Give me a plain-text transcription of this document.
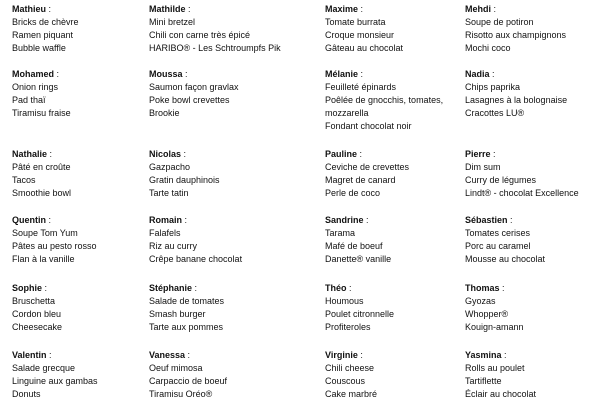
Mathieu :
Bricks de chèvre
Ramen piquant
Bubble waffle
Mathilde :
Mini bretzel
Chili con carne très épicé
HARIBO® - Les Schtroumpfs Pik
Maxime :
Tomate burrata
Croque monsieur
Gâteau au chocolat
Mehdi :
Soupe de potiron
Risotto aux champignons
Mochi coco
Mohamed :
Onion rings
Pad thaï
Tiramisu fraise
Moussa :
Saumon façon gravlax
Poke bowl crevettes
Brookie
Mélanie :
Feuilleté épinards
Poêlée de gnocchis, tomates,
mozzarella
Fondant chocolat noir
Nadia :
Chips paprika
Lasagnes à la bolognaise
Cracottes LU®
Nathalie :
Pâté en croûte
Tacos
Smoothie bowl
Nicolas :
Gazpacho
Gratin dauphinois
Tarte tatin
Pauline :
Ceviche de crevettes
Magret de canard
Perle de coco
Pierre :
Dim sum
Curry de légumes
Lindt® - chocolat Excellence
Quentin :
Soupe Tom Yum
Pâtes au pesto rosso
Flan à la vanille
Romain :
Falafels
Riz au curry
Crêpe banane chocolat
Sandrine :
Tarama
Mafé de boeuf
Danette® vanille
Sébastien :
Tomates cerises
Porc au caramel
Mousse au chocolat
Sophie :
Bruschetta
Cordon bleu
Cheesecake
Stéphanie :
Salade de tomates
Smash burger
Tarte aux pommes
Théo :
Houmous
Poulet citronnelle
Profiteroles
Thomas :
Gyozas
Whopper®
Kouign-amann
Valentin :
Salade grecque
Linguine aux gambas
Donuts
Vanessa :
Oeuf mimosa
Carpaccio de boeuf
Tiramisu Oréo®
Virginie :
Chili cheese
Couscous
Cake marbré
Yasmina :
Rolls au poulet
Tartiflette
Éclair au chocolat
